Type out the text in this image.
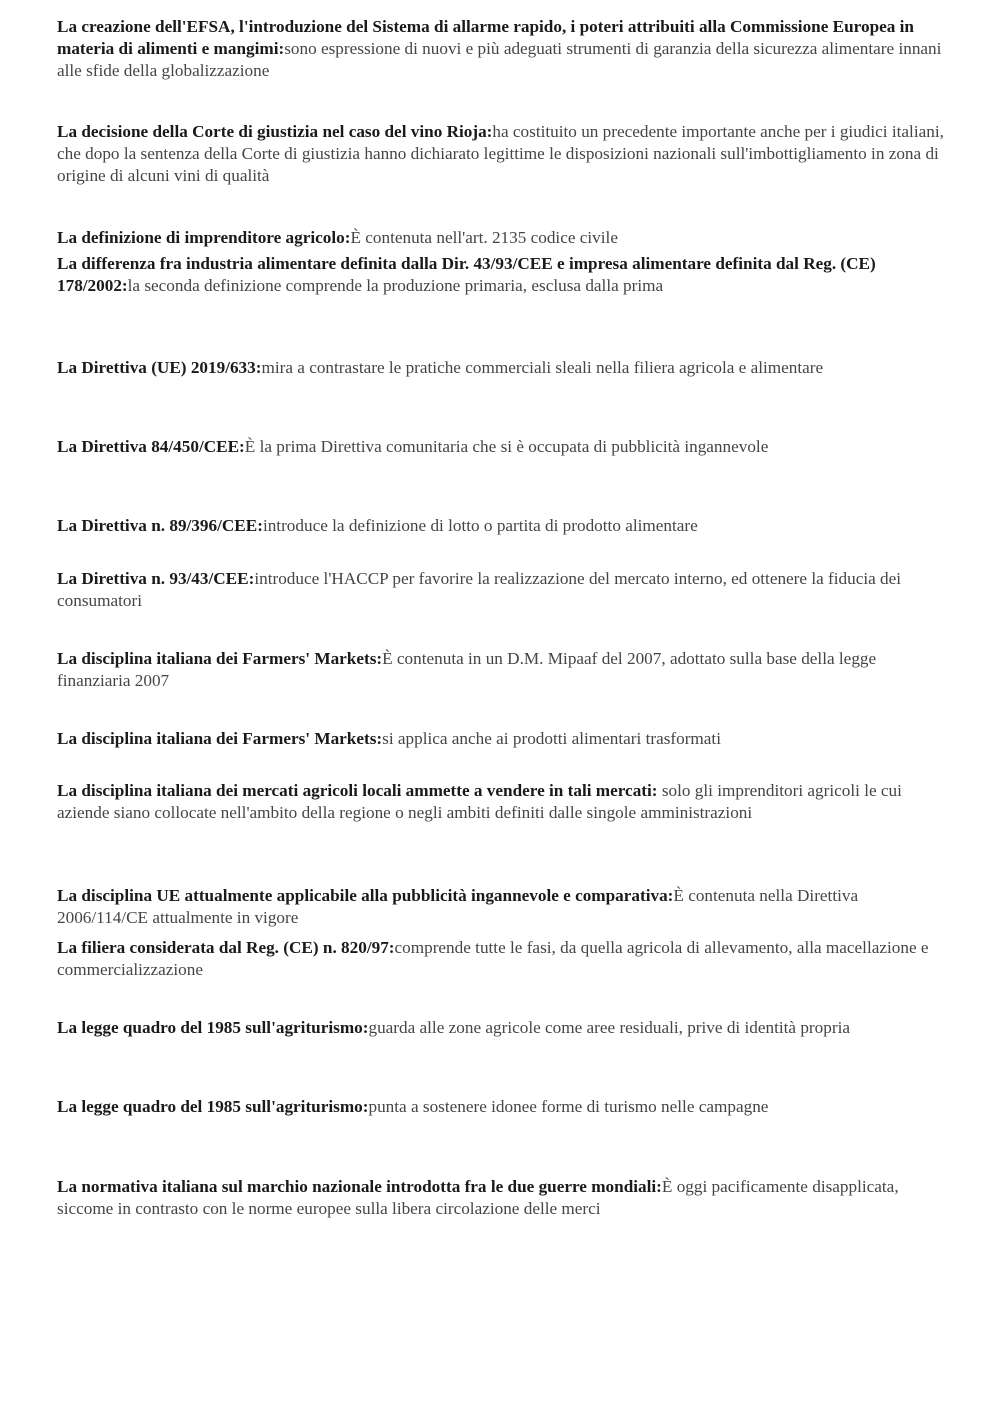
La creazione dell'EFSA, l'introduzione del Sistema di allarme rapido, i poteri attribuiti alla Commissione Europea in materia di alimenti e mangimi:sono espressione di nuovi e più adeguati strumenti di garanzia della sicurezza alimentare innani alle sfide della globalizzazione

La decisione della Corte di giustizia nel caso del vino Rioja:ha costituito un precedente importante anche per i giudici italiani, che dopo la sentenza della Corte di giustizia hanno dichiarato legittime le disposizioni nazionali sull'imbottigliamento in zona di origine di alcuni vini di qualità

La definizione di imprenditore agricolo:È contenuta nell'art. 2135 codice civile

La differenza fra industria alimentare definita dalla Dir. 43/93/CEE e impresa alimentare definita dal Reg. (CE) 178/2002:la seconda definizione comprende la produzione primaria, esclusa dalla prima

La Direttiva (UE) 2019/633:mira a contrastare le pratiche commerciali sleali nella filiera agricola e alimentare

La Direttiva 84/450/CEE:È la prima Direttiva comunitaria che si è occupata di pubblicità ingannevole

La Direttiva n. 89/396/CEE:introduce la definizione di lotto o partita di prodotto alimentare

La Direttiva n. 93/43/CEE:introduce l'HACCP per favorire la realizzazione del mercato interno, ed ottenere la fiducia dei consumatori

La disciplina italiana dei Farmers' Markets:È contenuta in un D.M. Mipaaf del 2007, adottato sulla base della legge finanziaria 2007

La disciplina italiana dei Farmers' Markets:si applica anche ai prodotti alimentari trasformati

La disciplina italiana dei mercati agricoli locali ammette a vendere in tali mercati: solo gli imprenditori agricoli le cui aziende siano collocate nell'ambito della regione o negli ambiti definiti dalle singole amministrazioni

La disciplina UE attualmente applicabile alla pubblicità ingannevole e comparativa:È contenuta nella Direttiva 2006/114/CE attualmente in vigore

La filiera considerata dal Reg. (CE) n. 820/97:comprende tutte le fasi, da quella agricola di allevamento, alla macellazione e commercializzazione

La legge quadro del 1985 sull'agriturismo:guarda alle zone agricole come aree residuali, prive di identità propria

La legge quadro del 1985 sull'agriturismo:punta a sostenere idonee forme di turismo nelle campagne

La normativa italiana sul marchio nazionale introdotta fra le due guerre mondiali:È oggi pacificamente disapplicata, siccome in contrasto con le norme europee sulla libera circolazione delle merci
